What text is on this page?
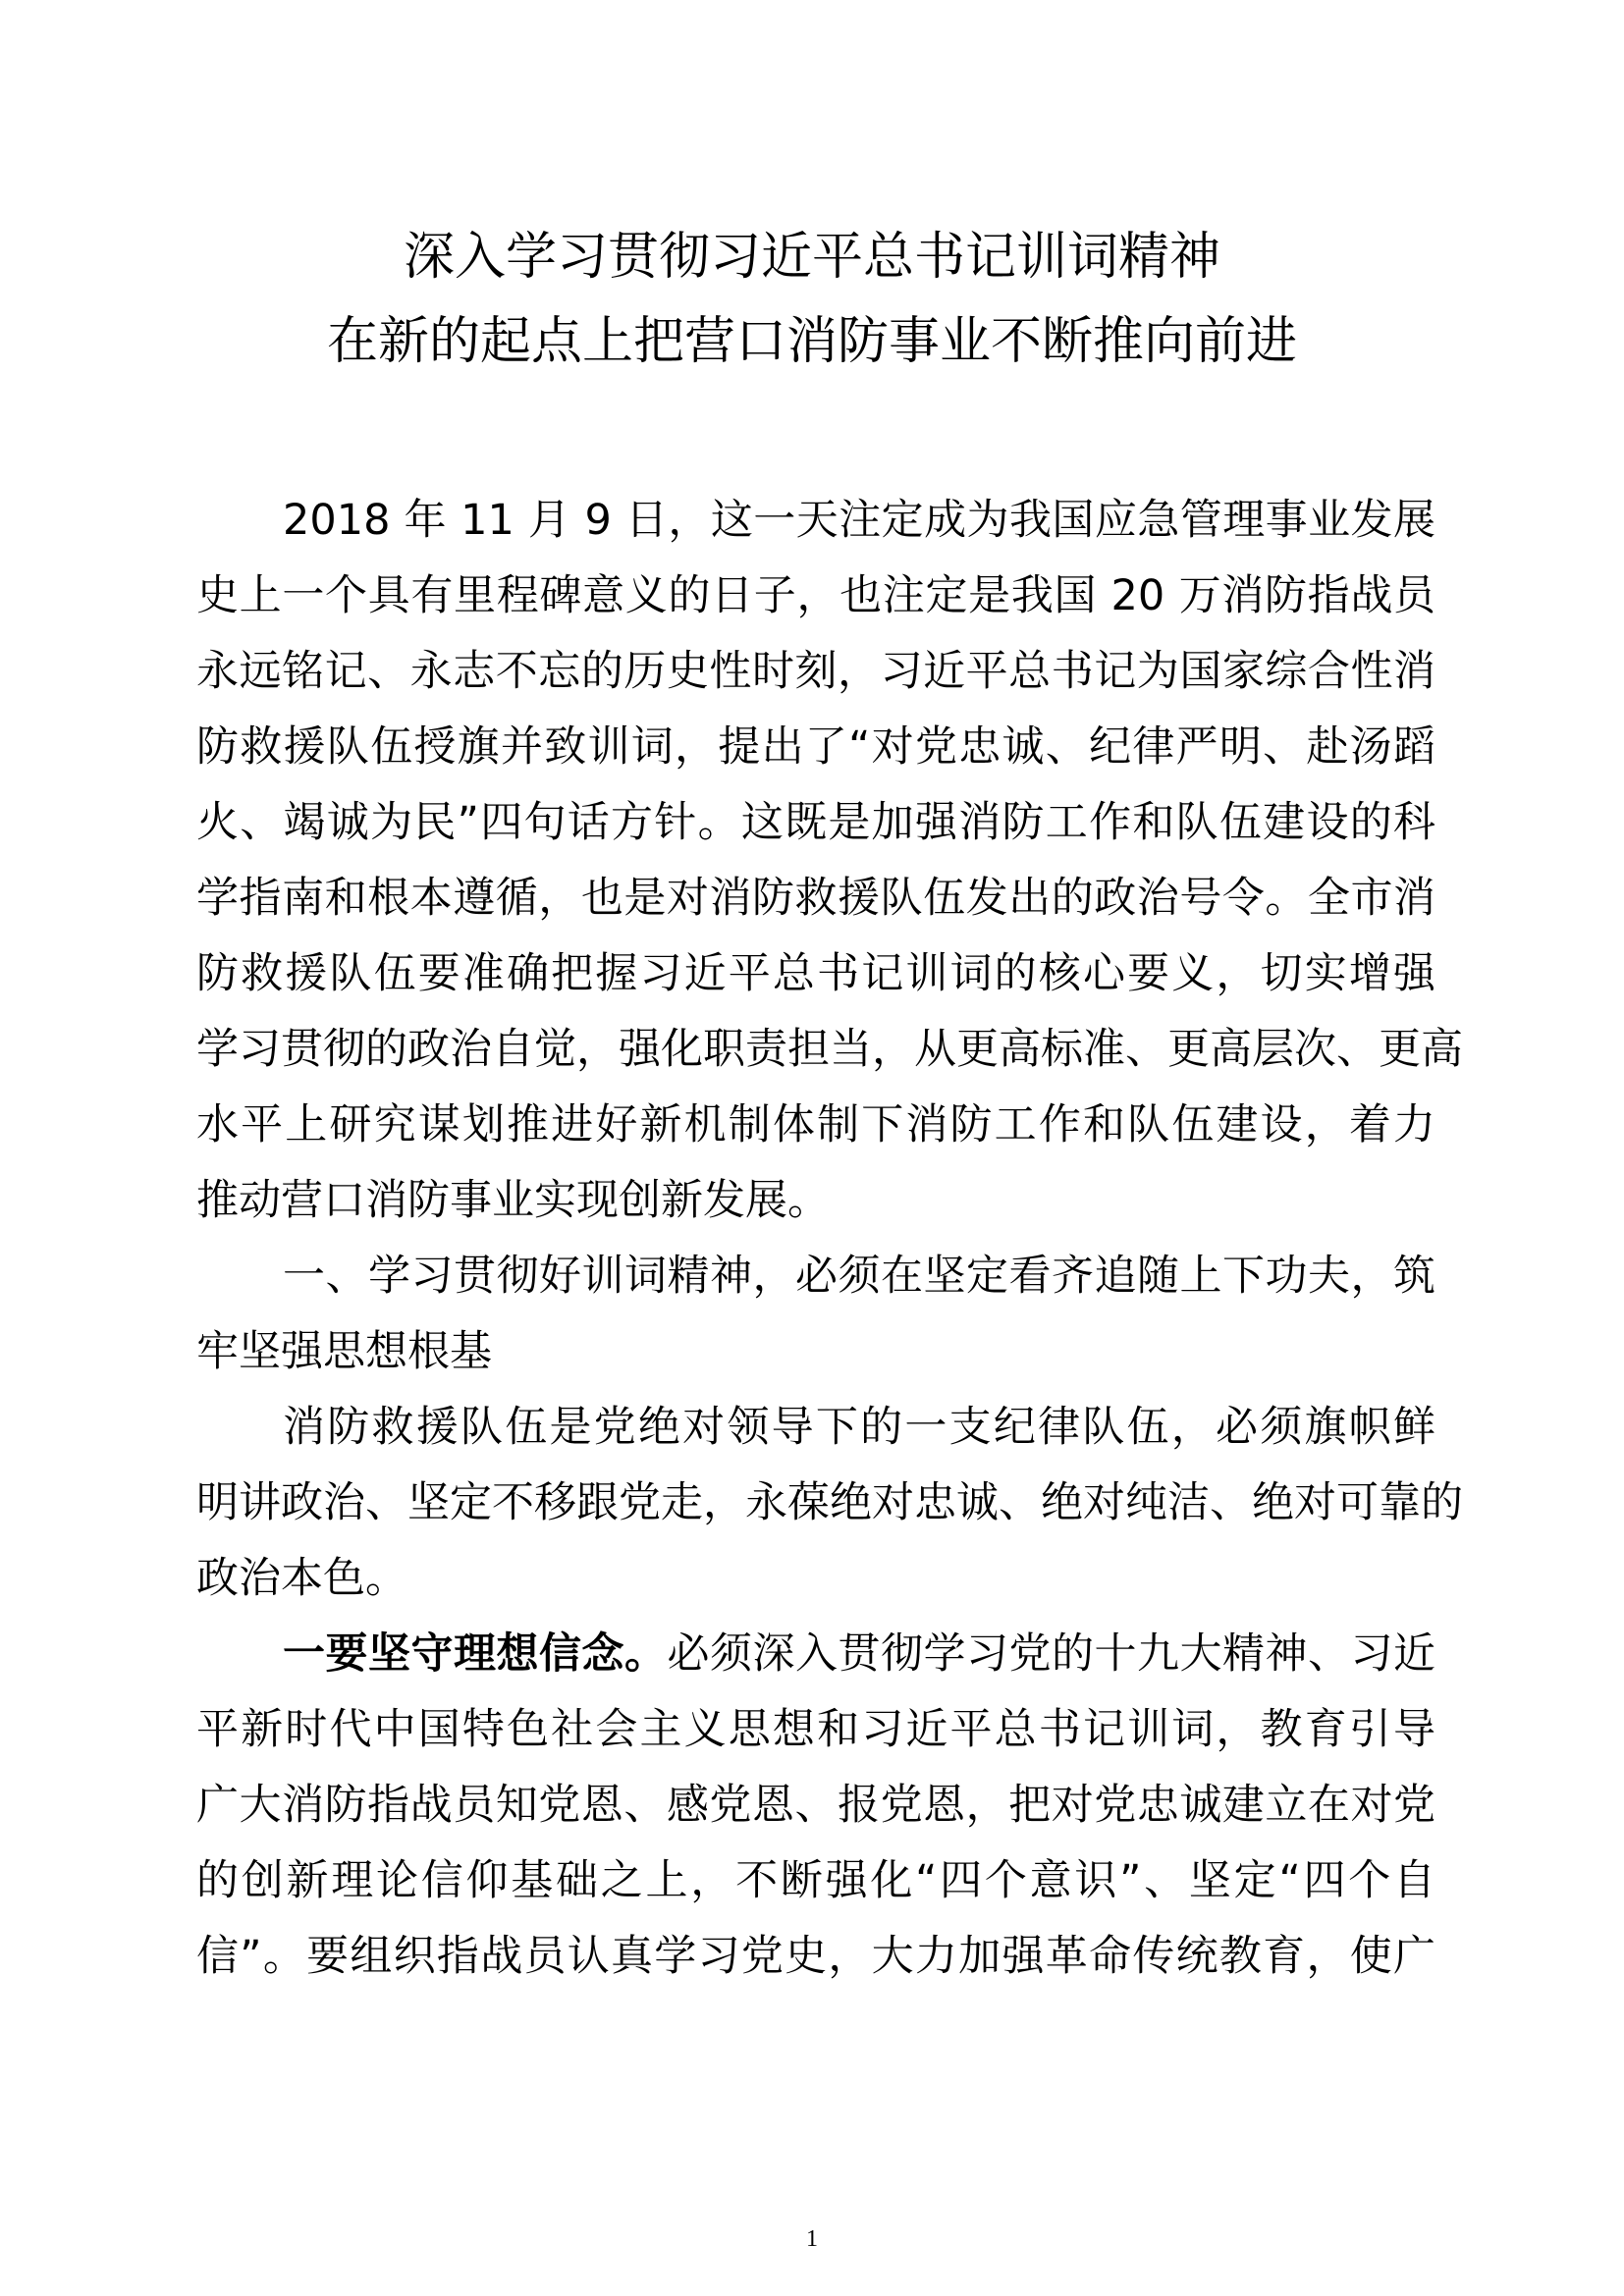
深入学习贯彻习近平总书记训词精神
在新的起点上把营口消防事业不断推向前进
2018 年 11 月 9 日，这一天注定成为我国应急管理事业发展
史上一个具有里程碑意义的日子，也注定是我国 20 万消防指战员
永远铭记、永志不忘的历史性时刻，习近平总书记为国家综合性消
防救援队伍授旗并致训词，提出了“对党忠诚、纪律严明、赴汤蹈
火、竭诚为民”四句话方针。这既是加强消防工作和队伍建设的科
学指南和根本遵循，也是对消防救援队伍发出的政治号令。全市消
防救援队伍要准确把握习近平总书记训词的核心要义，切实增强
学习贯彻的政治自觉，强化职责担当，从更高标准、更高层次、更高
水平上研究谋划推进好新机制体制下消防工作和队伍建设，着力
推动营口消防事业实现创新发展。
一、学习贯彻好训词精神，必须在坚定看齐追随上下功夫，筑
牢坚强思想根基
消防救援队伍是党绝对领导下的一支纪律队伍，必须旗帜鲜
明讲政治、坚定不移跟党走，永葆绝对忠诚、绝对纯洁、绝对可靠的
政治本色。
一要坚守理想信念。必须深入贯彻学习党的十九大精神、习近
平新时代中国特色社会主义思想和习近平总书记训词，教育引导
广大消防指战员知党恩、感党恩、报党恩，把对党忠诚建立在对党
的创新理论信仰基础之上，不断强化“四个意识”、坚定“四个自
信”。要组织指战员认真学习党史，大力加强革命传统教育，使广
1
